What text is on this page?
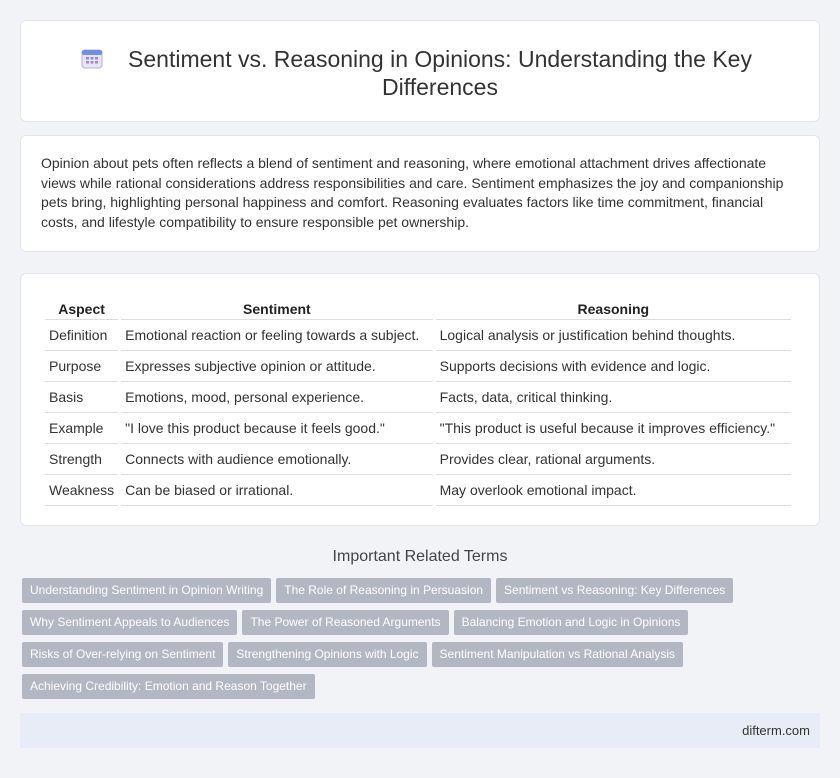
Sentiment vs. Reasoning in Opinions: Understanding the Key Differences

Opinion about pets often reflects a blend of sentiment and reasoning, where emotional attachment drives affectionate views while rational considerations address responsibilities and care. Sentiment emphasizes the joy and companionship pets bring, highlighting personal happiness and comfort. Reasoning evaluates factors like time commitment, financial costs, and lifestyle compatibility to ensure responsible pet ownership.

Aspect	Sentiment	Reasoning
Definition	Emotional reaction or feeling towards a subject.	Logical analysis or justification behind thoughts.
Purpose	Expresses subjective opinion or attitude.	Supports decisions with evidence and logic.
Basis	Emotions, mood, personal experience.	Facts, data, critical thinking.
Example	"I love this product because it feels good."	"This product is useful because it improves efficiency."
Strength	Connects with audience emotionally.	Provides clear, rational arguments.
Weakness	Can be biased or irrational.	May overlook emotional impact.
Important Related Terms
Understanding Sentiment in Opinion Writing The Role of Reasoning in Persuasion Sentiment vs Reasoning: Key Differences
Why Sentiment Appeals to Audiences The Power of Reasoned Arguments Balancing Emotion and Logic in Opinions
Risks of Over-relying on Sentiment Strengthening Opinions with Logic Sentiment Manipulation vs Rational Analysis
Achieving Credibility: Emotion and Reason Together
difterm.com
